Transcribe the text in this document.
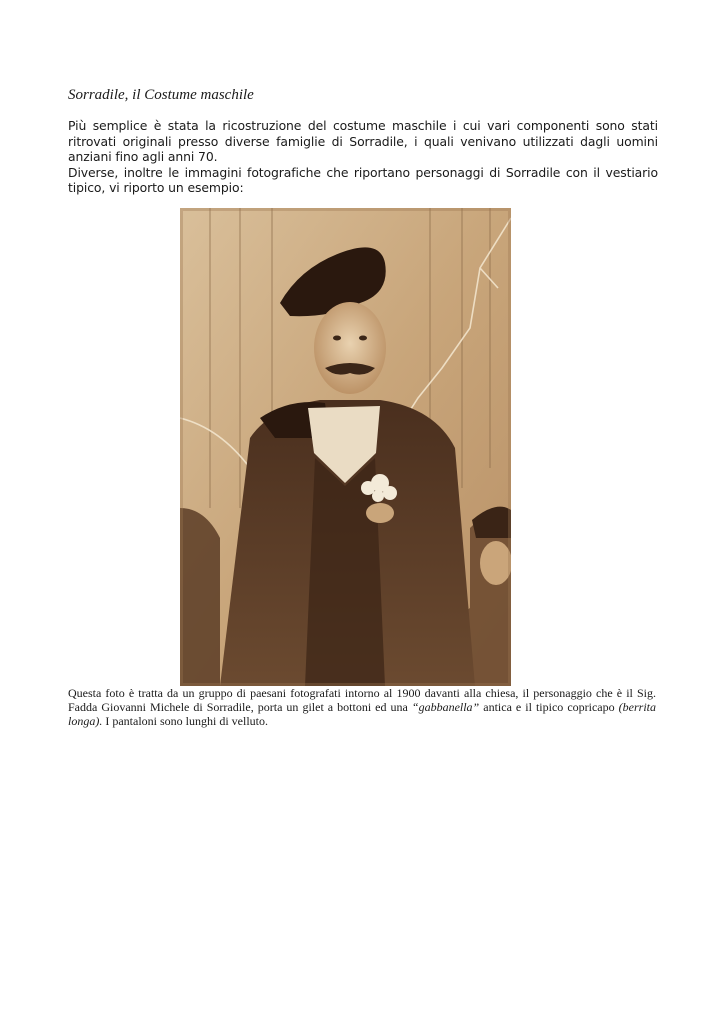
Sorradile, il Costume maschile

Più semplice è stata la ricostruzione del costume maschile i cui vari componenti sono stati ritrovati originali presso diverse famiglie di Sorradile, i quali venivano utilizzati dagli uomini anziani fino agli anni 70.

Diverse, inoltre le immagini fotografiche che riportano personaggi di Sorradile con il vestiario tipico, vi riporto un esempio:

Questa foto è tratta da un gruppo di paesani fotografati intorno al 1900 davanti alla chiesa, il personaggio che è il Sig. Fadda Giovanni Michele di Sorradile, porta un gilet a bottoni ed una “gabbanella” antica e il tipico copricapo (berrita longa). I pantaloni sono lunghi di velluto.
